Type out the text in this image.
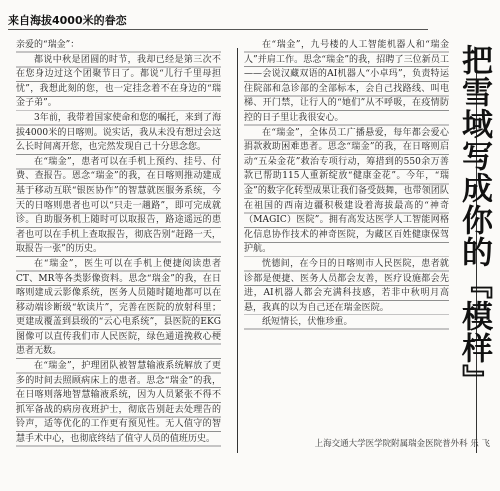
来自海拔4000米的眷恋
亲爱的“瑞金”：

都说中秋是团圆的时节，我却已经是第三次不在您身边过这个团聚节日了。都说“儿行千里母担忧”，我想此刻的您，也一定挂念着不在身边的“瑞金子弟”。

3年前，我带着国家使命和您的嘱托，来到了海拔4000米的日喀则。说实话，我从未没有想过会这么长时间离开您，也完然发现自己十分思念您。

在“瑞金”，患者可以在手机上预约、挂号、付费、查报告。恩念“瑞金”的我，在日喀则推动建成基于移动互联“银医协作”的智慧就医服务系统，今天的日喀则患者也可以“只走一趟路”，即可完成就诊。自助服务机上随时可以取报告，路途遥远的患者也可以在手机上查取报告，彻底告别“赶路一天，取报告一张”的历史。

在“瑞金”，医生可以在手机上便捷阅读患者CT、MR等各类影像资料。思念“瑞金”的我，在日喀则建成云影像系统，医务人员随时随地都可以在移动端诊断级“软读片”，完善在医院的放射科里；更建成覆盖到县级的“云心电系统”，县医院的EKG图像可以直传我们市人民医院，绿色通道挽救心梗患者无数。

在“瑞金”，护理团队被智慧输液系统解放了更多的时间去照顾病床上的患者。思念“瑞金”的我，在日喀则落地智慧输液系统，因为人员紧张不得不抓军备战的病房夜班护士，彻底告别赶去处理告的铃声，适等优化的工作更有预见性。无人值守的智慧手术中心，也彻底终结了值守人员的值班历史。

在“瑞金”，九号楼的人工智能机器人和“瑞金人”并肩工作。思念“瑞金”的我，招聘了三位新员工——会说汉藏双语的AI机器人“小卓玛”，负责特运住院部和急诊部的全部标本，会自己找路线、叫电梯、开门禁，让行人的“她们”从不呼吸，在疫情防控的日子里让我很安心。

在“瑞金”，全体员工广播悬爱，每年都会爱心捐款救助困难患者。思念“瑞金”的我，在日喀则启动“五朵金花”救治专项行动，筹措到的550余万善款已帮助115人重新绽放“健康金花”。今年，“瑞金”的数字化转型成果让我们备受鼓舞，也带领团队在祖国的西南边疆积极建设着海拔最高的“神奇（MAGIC）医院”。拥有高发达医学人工智能网格化信息协作技术的神奇医院，为藏区百姓健康保驾护航。

恍德间，在今日的日喀则市人民医院，患者就诊都是便捷、医务人员都会友善，医疗设施都会先进，AI机器人都会充满科技感，若非中秋明月高悬，我真的以为自己还在瑞金医院。

纸短情长，伏惟珍重。

上海交通大学医学院附属瑞金医院普外科 乐 飞
把雪域写成你的『模样』
